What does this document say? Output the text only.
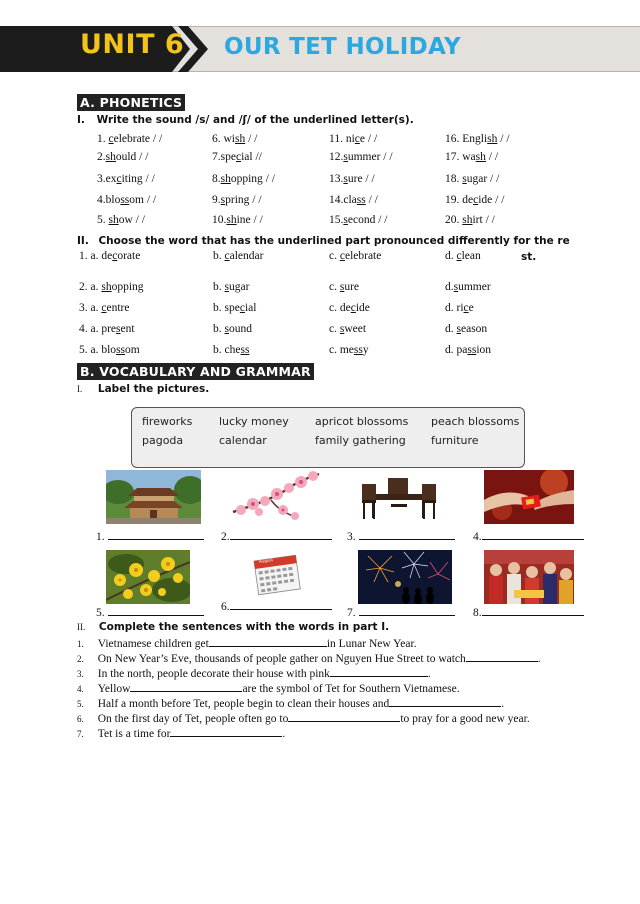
UNIT 6 OUR TET HOLIDAY
A. PHONETICS
I. Write the sound /s/ and /ʃ/ of the underlined letter(s).
1. celebrate / /	6. wish / /	11. nice / /	16. English / /
2.should / /	7.special //	12.summer / /	17. wash / /
3.exciting / /	8.shopping / /	13.sure / /	18. sugar / /
4.blossom / /	9.spring / /	14.class / /	19. decide / /
5. show / /	10.shine / /	15.second / /	20. shirt / /
II. Choose the word that has the underlined part pronounced differently for the re
st.
1. a. decorate	b. calendar	c. celebrate	d. clean
2. a. shopping	b. sugar	c. sure	d.summer
3. a. centre	b. special	c. decide	d. rice
4. a. present	b. sound	c. sweet	d. season
5. a. blossom	b. chess	c. messy	d. passion
B. VOCABULARY AND GRAMMAR
I. Label the pictures.
fireworks lucky money apricot blossoms peach blossoms
pagoda	calendar	family gathering furniture
1.	2.	3.	4.
August
5.	6.	7.	8.
II. Complete the sentences with the words in part I.
1. Vietnamese children get	in Lunar New Year.
2. On New Year’s Eve, thousands of people gather on Nguyen Hue Street to watch	.
3. In the north, people decorate their house with pink	.
4. Yellow	are the symbol of Tet for Southern Vietnamese.
5. Half a month before Tet, people begin to clean their houses and	.
6. On the first day of Tet, people often go to	to pray for a good new year.
7. Tet is a time for	.
